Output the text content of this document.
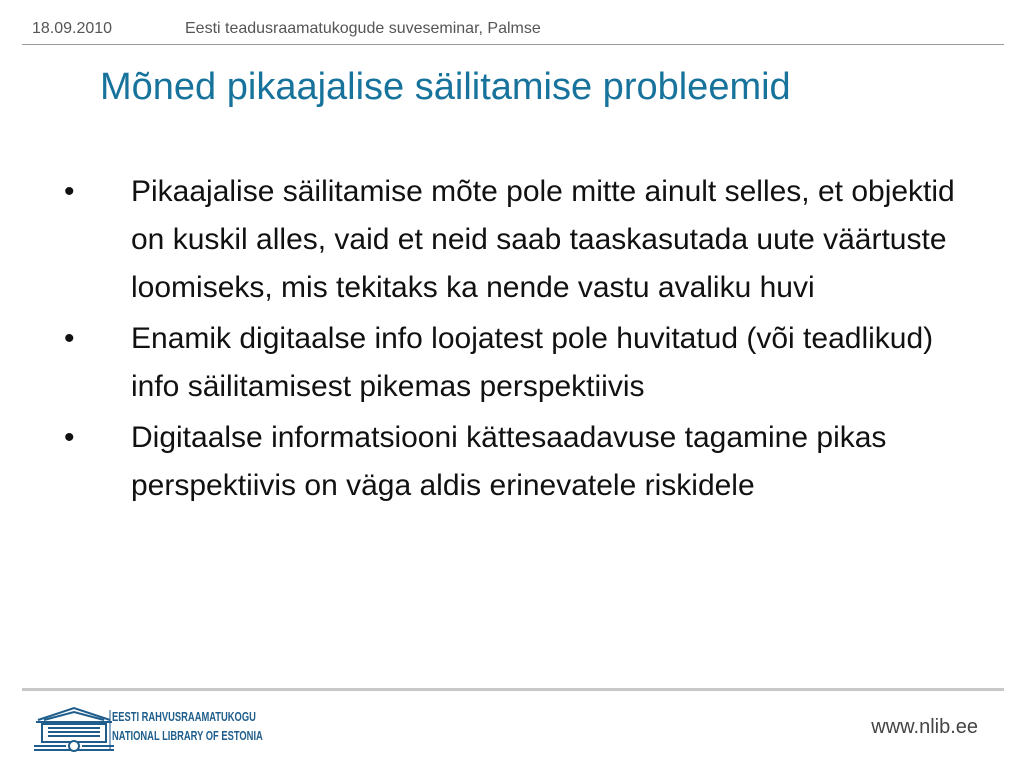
18.09.2010	Eesti teadusraamatukogude suveseminar, Palmse
Mõned pikaajalise säilitamise probleemid
• Pikaajalise säilitamise mõte pole mitte ainult selles, et objektid on kuskil alles, vaid et neid saab taaskasutada uute väärtuste loomiseks, mis tekitaks ka nende vastu avaliku huvi
• Enamik digitaalse info loojatest pole huvitatud (või teadlikud) info säilitamisest pikemas perspektiivis
• Digitaalse informatsiooni kättesaadavuse tagamine pikas perspektiivis on väga aldis erinevatele riskidele
EESTI RAHVUSRAAMATUKOGU
NATIONAL LIBRARY OF ESTONIA	www.nlib.ee
